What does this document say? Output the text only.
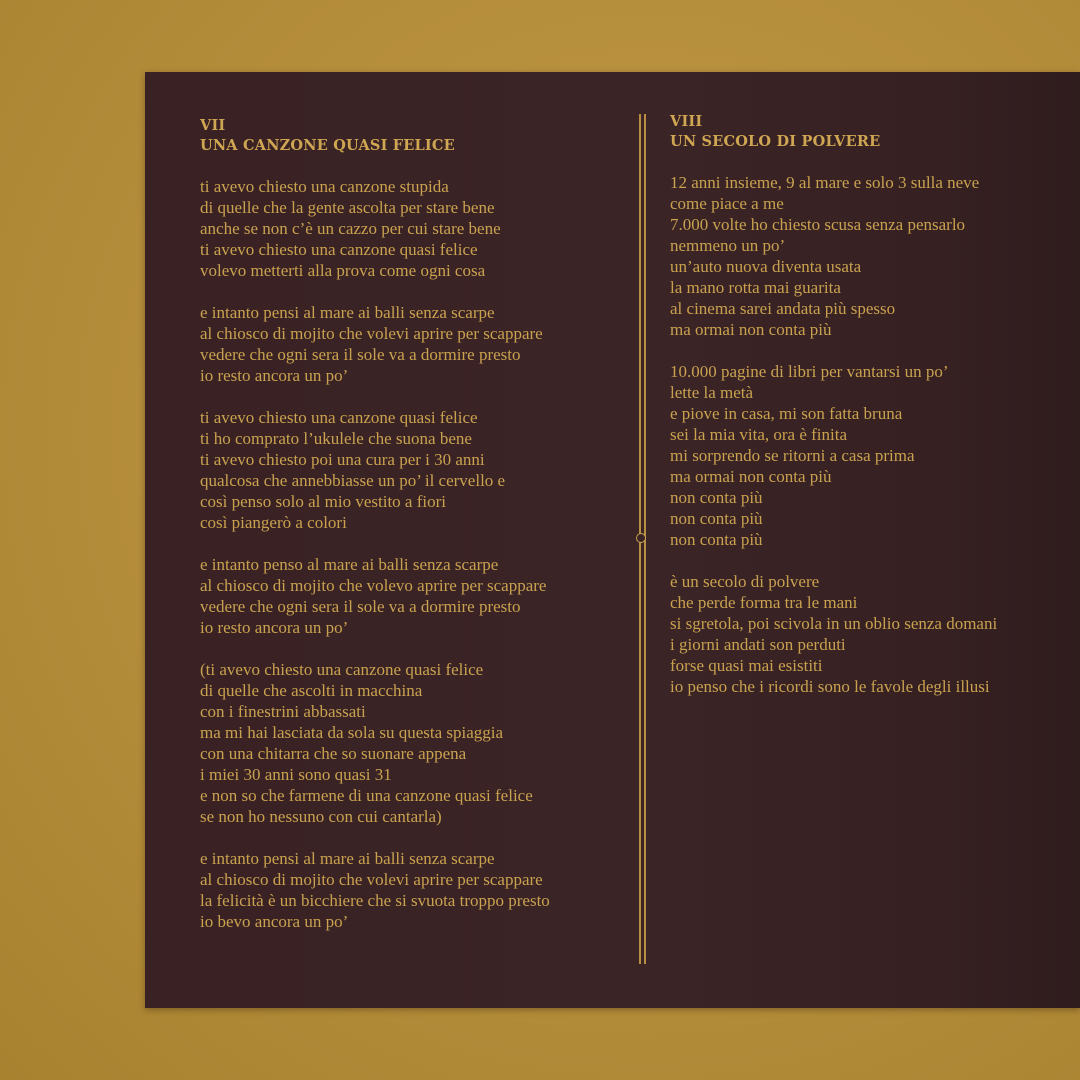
VII
UNA CANZONE QUASI FELICE
ti avevo chiesto una canzone stupida
di quelle che la gente ascolta per stare bene
anche se non c’è un cazzo per cui stare bene
ti avevo chiesto una canzone quasi felice
volevo metterti alla prova come ogni cosa
e intanto pensi al mare ai balli senza scarpe
al chiosco di mojito che volevi aprire per scappare
vedere che ogni sera il sole va a dormire presto
io resto ancora un po’
ti avevo chiesto una canzone quasi felice
ti ho comprato l’ukulele che suona bene
ti avevo chiesto poi una cura per i 30 anni
qualcosa che annebbiasse un po’ il cervello e
così penso solo al mio vestito a fiori
così piangerò a colori
e intanto penso al mare ai balli senza scarpe
al chiosco di mojito che volevo aprire per scappare
vedere che ogni sera il sole va a dormire presto
io resto ancora un po’
(ti avevo chiesto una canzone quasi felice
di quelle che ascolti in macchina
con i finestrini abbassati
ma mi hai lasciata da sola su questa spiaggia
con una chitarra che so suonare appena
i miei 30 anni sono quasi 31
e non so che farmene di una canzone quasi felice
se non ho nessuno con cui cantarla)
e intanto pensi al mare ai balli senza scarpe
al chiosco di mojito che volevi aprire per scappare
la felicità è un bicchiere che si svuota troppo presto
io bevo ancora un po’
VIII
UN SECOLO DI POLVERE
12 anni insieme, 9 al mare e solo 3 sulla neve
come piace a me
7.000 volte ho chiesto scusa senza pensarlo
nemmeno un po’
un’auto nuova diventa usata
la mano rotta mai guarita
al cinema sarei andata più spesso
ma ormai non conta più
10.000 pagine di libri per vantarsi un po’
lette la metà
e piove in casa, mi son fatta bruna
sei la mia vita, ora è finita
mi sorprendo se ritorni a casa prima
ma ormai non conta più
non conta più
non conta più
non conta più
è un secolo di polvere
che perde forma tra le mani
si sgretola, poi scivola in un oblio senza domani
i giorni andati son perduti
forse quasi mai esistiti
io penso che i ricordi sono le favole degli illusi
